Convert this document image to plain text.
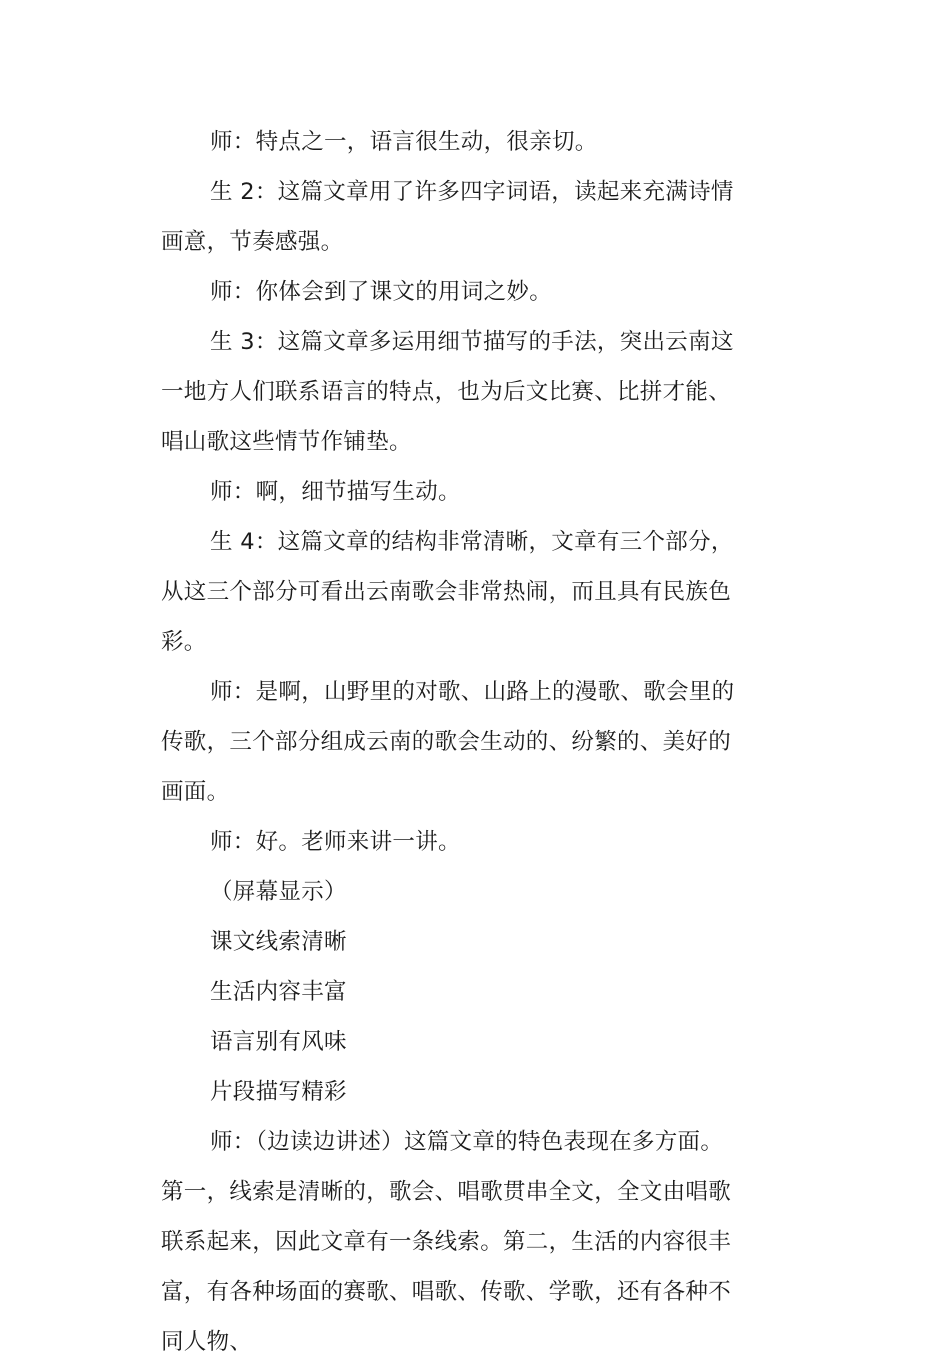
师：特点之一，语言很生动，很亲切。

生 2：这篇文章用了许多四字词语，读起来充满诗情画意，节奏感强。

师：你体会到了课文的用词之妙。

生 3：这篇文章多运用细节描写的手法，突出云南这一地方人们联系语言的特点，也为后文比赛、比拼才能、唱山歌这些情节作铺垫。

师：啊，细节描写生动。

生 4：这篇文章的结构非常清晰，文章有三个部分，从这三个部分可看出云南歌会非常热闹，而且具有民族色彩。

师：是啊，山野里的对歌、山路上的漫歌、歌会里的传歌，三个部分组成云南的歌会生动的、纷繁的、美好的画面。

师：好。老师来讲一讲。

（屏幕显示）

课文线索清晰

生活内容丰富

语言别有风味

片段描写精彩

师：（边读边讲述）这篇文章的特色表现在多方面。第一，线索是清晰的，歌会、唱歌贯串全文，全文由唱歌联系起来，因此文章有一条线索。第二，生活的内容很丰富，有各种场面的赛歌、唱歌、传歌、学歌，还有各种不同人物、
